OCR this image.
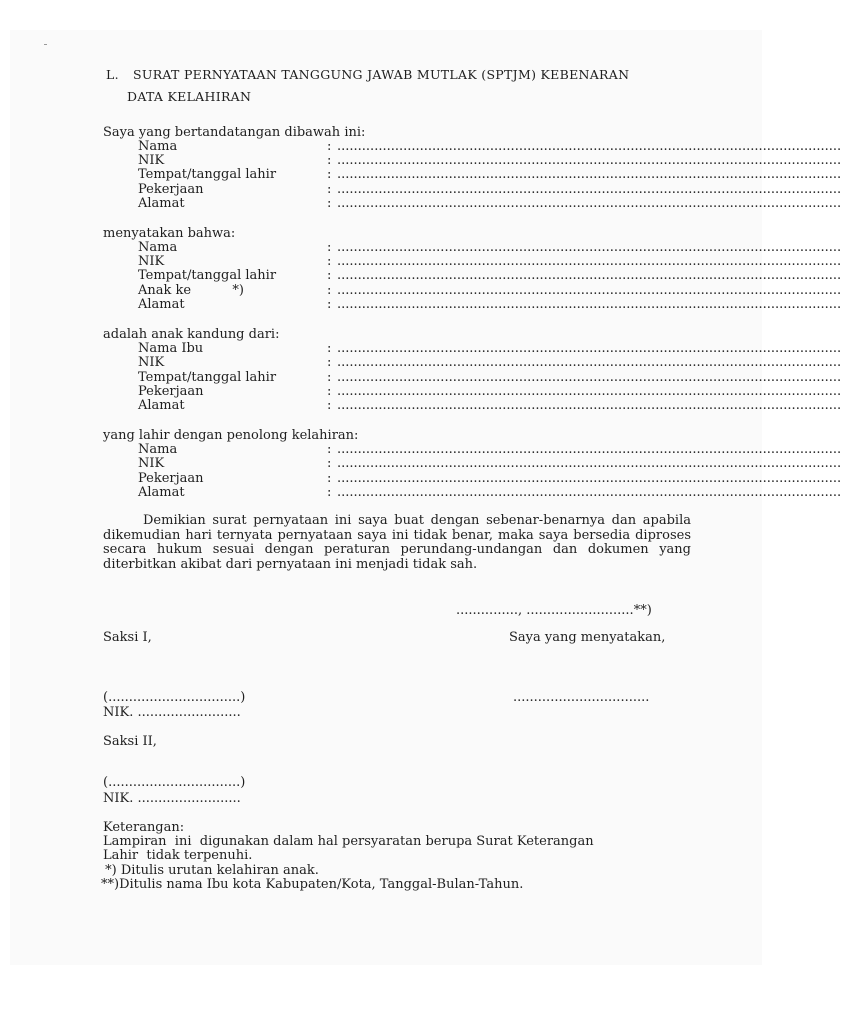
L. SURAT PERNYATAAN TANGGUNG JAWAB MUTLAK (SPTJM) KEBENARAN
DATA KELAHIRAN
Saya yang bertandatangan dibawah ini:
Nama
NIK
Tempat/tanggal lahir
Pekerjaan
Alamat
:
:
:
:
:
..........................................................................................................................
..........................................................................................................................
..........................................................................................................................
..........................................................................................................................
..........................................................................................................................
menyatakan bahwa:
Nama
NIK
Tempat/tanggal lahir
Anak ke          *)
Alamat
:
:
:
:
:
..........................................................................................................................
..........................................................................................................................
..........................................................................................................................
..........................................................................................................................
..........................................................................................................................
adalah anak kandung dari:
Nama Ibu
NIK
Tempat/tanggal lahir
Pekerjaan
Alamat
:
:
:
:
:
..........................................................................................................................
..........................................................................................................................
..........................................................................................................................
..........................................................................................................................
..........................................................................................................................
yang lahir dengan penolong kelahiran:
Nama
NIK
Pekerjaan
Alamat
:
:
:
:
..........................................................................................................................
..........................................................................................................................
..........................................................................................................................
..........................................................................................................................
Demikian surat pernyataan ini saya buat dengan sebenar-benarnya dan apabila dikemudian hari ternyata pernyataan saya ini tidak benar, maka saya bersedia diproses secara hukum sesuai dengan peraturan perundang-undangan dan dokumen yang diterbitkan akibat dari pernyataan ini menjadi tidak sah.
..............., ..........................**)
Saksi I,	Saya yang menyatakan,
(................................)	.................................
NIK. .........................
Saksi II,
(................................)
NIK. .........................
Keterangan:
Lampiran  ini  digunakan dalam hal persyaratan berupa Surat Keterangan
Lahir  tidak terpenuhi.
*) Ditulis urutan kelahiran anak.
**)Ditulis nama Ibu kota Kabupaten/Kota, Tanggal-Bulan-Tahun.
